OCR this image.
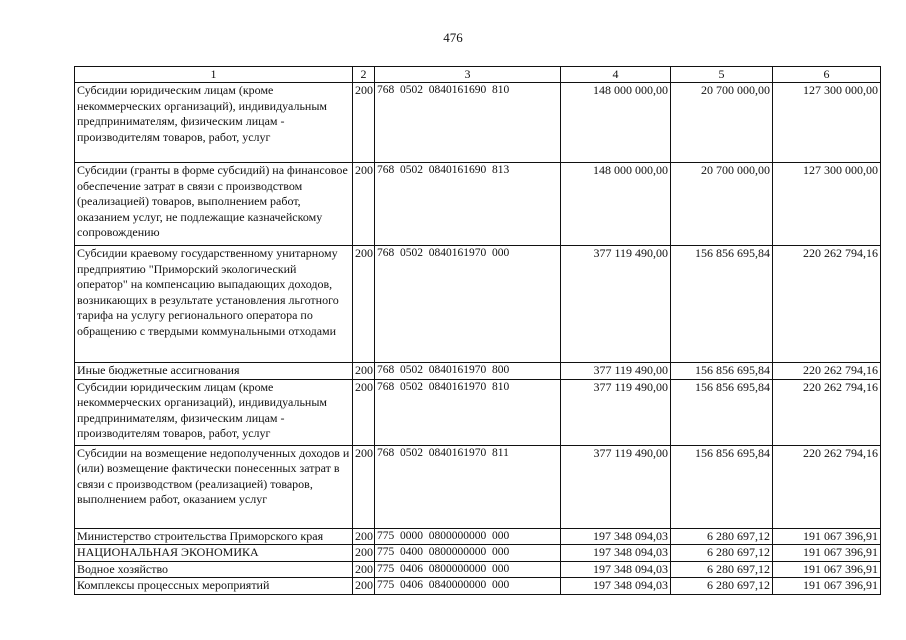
476
1	2	3	4	5	6
Субсидии юридическим лицам (кроме некоммерческих организаций), индивидуальным предпринимателям, физическим лицам - производителям товаров, работ, услуг	200	768  0502  0840161690  810	148 000 000,00	20 700 000,00	127 300 000,00
Субсидии (гранты в форме субсидий) на финансовое обеспечение затрат в связи с производством (реализацией) товаров, выполнением работ, оказанием услуг, не подлежащие казначейскому сопровождению	200	768  0502  0840161690  813	148 000 000,00	20 700 000,00	127 300 000,00
Субсидии краевому государственному унитарному предприятию "Приморский экологический оператор" на компенсацию выпадающих доходов, возникающих в результате установления льготного тарифа на услугу регионального оператора по обращению с твердыми коммунальными отходами	200	768  0502  0840161970  000	377 119 490,00	156 856 695,84	220 262 794,16
Иные бюджетные ассигнования	200	768  0502  0840161970  800	377 119 490,00	156 856 695,84	220 262 794,16
Субсидии юридическим лицам (кроме некоммерческих организаций), индивидуальным предпринимателям, физическим лицам - производителям товаров, работ, услуг	200	768  0502  0840161970  810	377 119 490,00	156 856 695,84	220 262 794,16
Субсидии на возмещение недополученных доходов и (или) возмещение фактически понесенных затрат в связи с производством (реализацией) товаров, выполнением работ, оказанием услуг	200	768  0502  0840161970  811	377 119 490,00	156 856 695,84	220 262 794,16
Министерство строительства Приморского края	200	775  0000  0800000000  000	197 348 094,03	6 280 697,12	191 067 396,91
НАЦИОНАЛЬНАЯ ЭКОНОМИКА	200	775  0400  0800000000  000	197 348 094,03	6 280 697,12	191 067 396,91
Водное хозяйство	200	775  0406  0800000000  000	197 348 094,03	6 280 697,12	191 067 396,91
Комплексы процессных мероприятий	200	775  0406  0840000000  000	197 348 094,03	6 280 697,12	191 067 396,91
